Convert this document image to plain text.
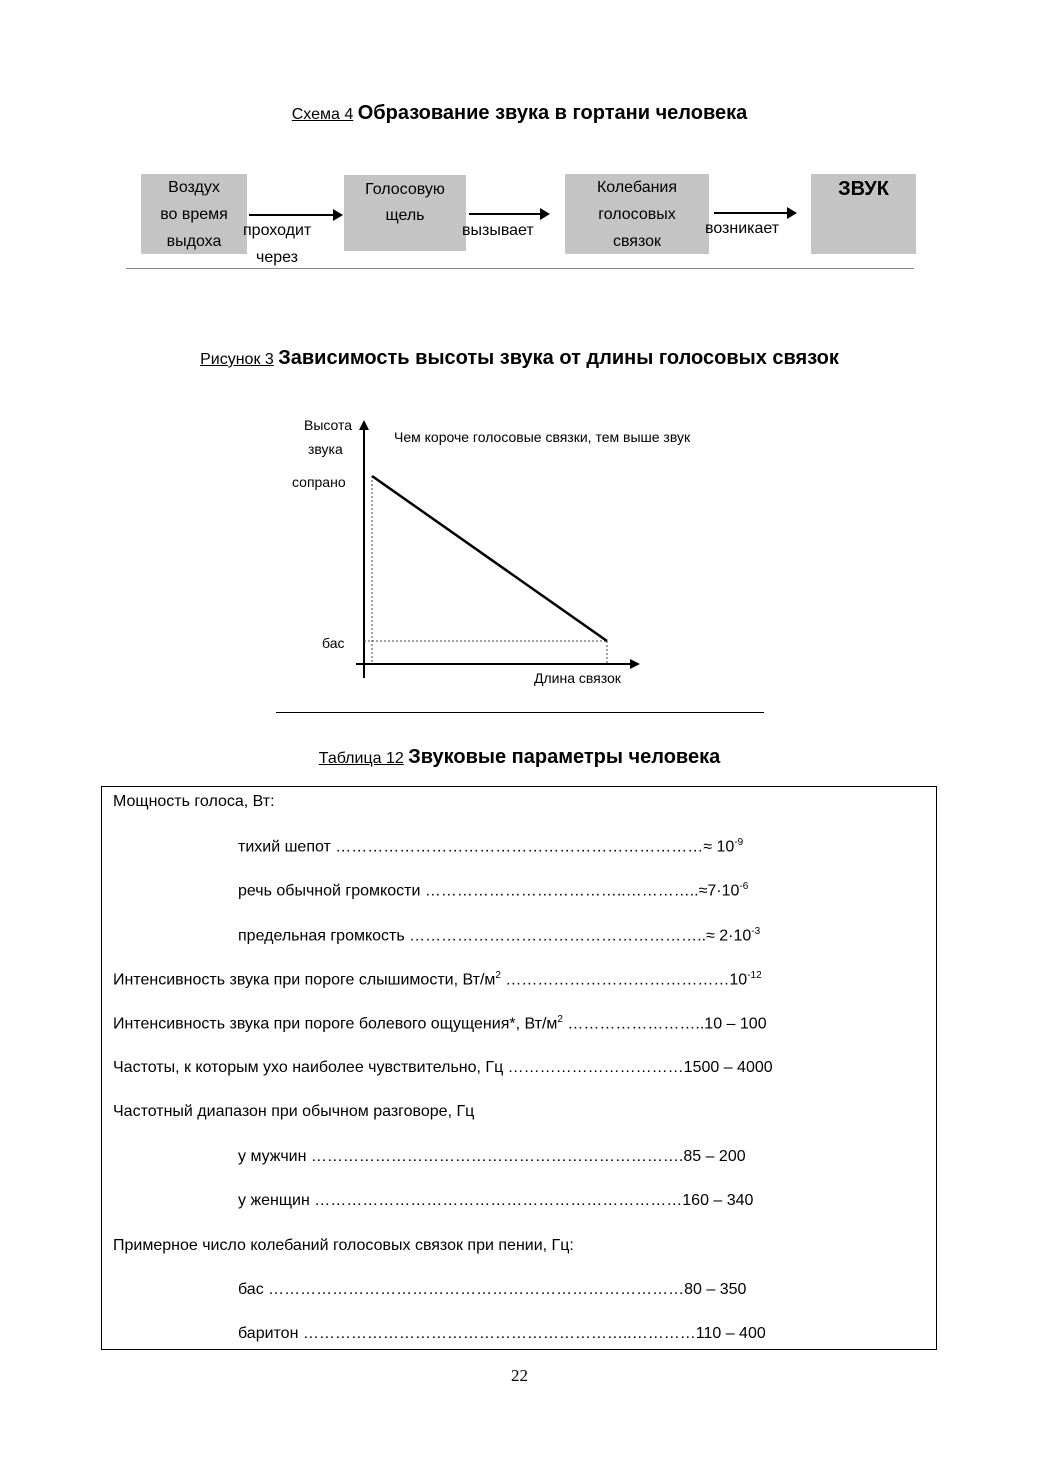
Схема 4 Образование звука в гортани человека
Воздух
во время
выдоха
проходит
через
Голосовую
щель
вызывает
Колебания
голосовых
связок
возникает
ЗВУК
Рисунок 3 Зависимость высоты звука от длины голосовых связок
Высота
звука
Чем короче голосовые связки, тем выше звук
сопрано
бас
Длина связок
Таблица 12 Звуковые параметры человека
Мощность голоса, Вт:
тихий шепот ……………………………………………………………≈ $10^{-9}$
речь обычной громкости $\dots\dots\dots\dots\dots\dots\dots\dots\dots\dots\dots\dots..\dots\dots\dots\dots..\approx 7\cdot 10^{-6}$
предельная громкость ………………………………………………..≈ $2\cdot 10^{-3}$
Интенсивность звука при пороге слышимости, $Вт/м^2$ $\dots\dots\dots\dots\dots\dots\dots\dots\dots\dots\dots\dots\dots\dots 10^{-12}$
Интенсивность звука при пороге болевого ощущения*, $Вт/м^2$ ……………………..10 – 100
Частоты, к которым ухо наиболее чувствительно, Гц ……………………………1500 – 4000
Частотный диапазон при обычном разговоре, Гц
у мужчин …………………………………………………………….85 – 200
у женщин ……………………………………………………………160 – 340
Примерное число колебаний голосовых связок при пении, Гц:
бас ……………………………………………………………………80 – 350
баритон ……………………………………………………..…………110 – 400
22
